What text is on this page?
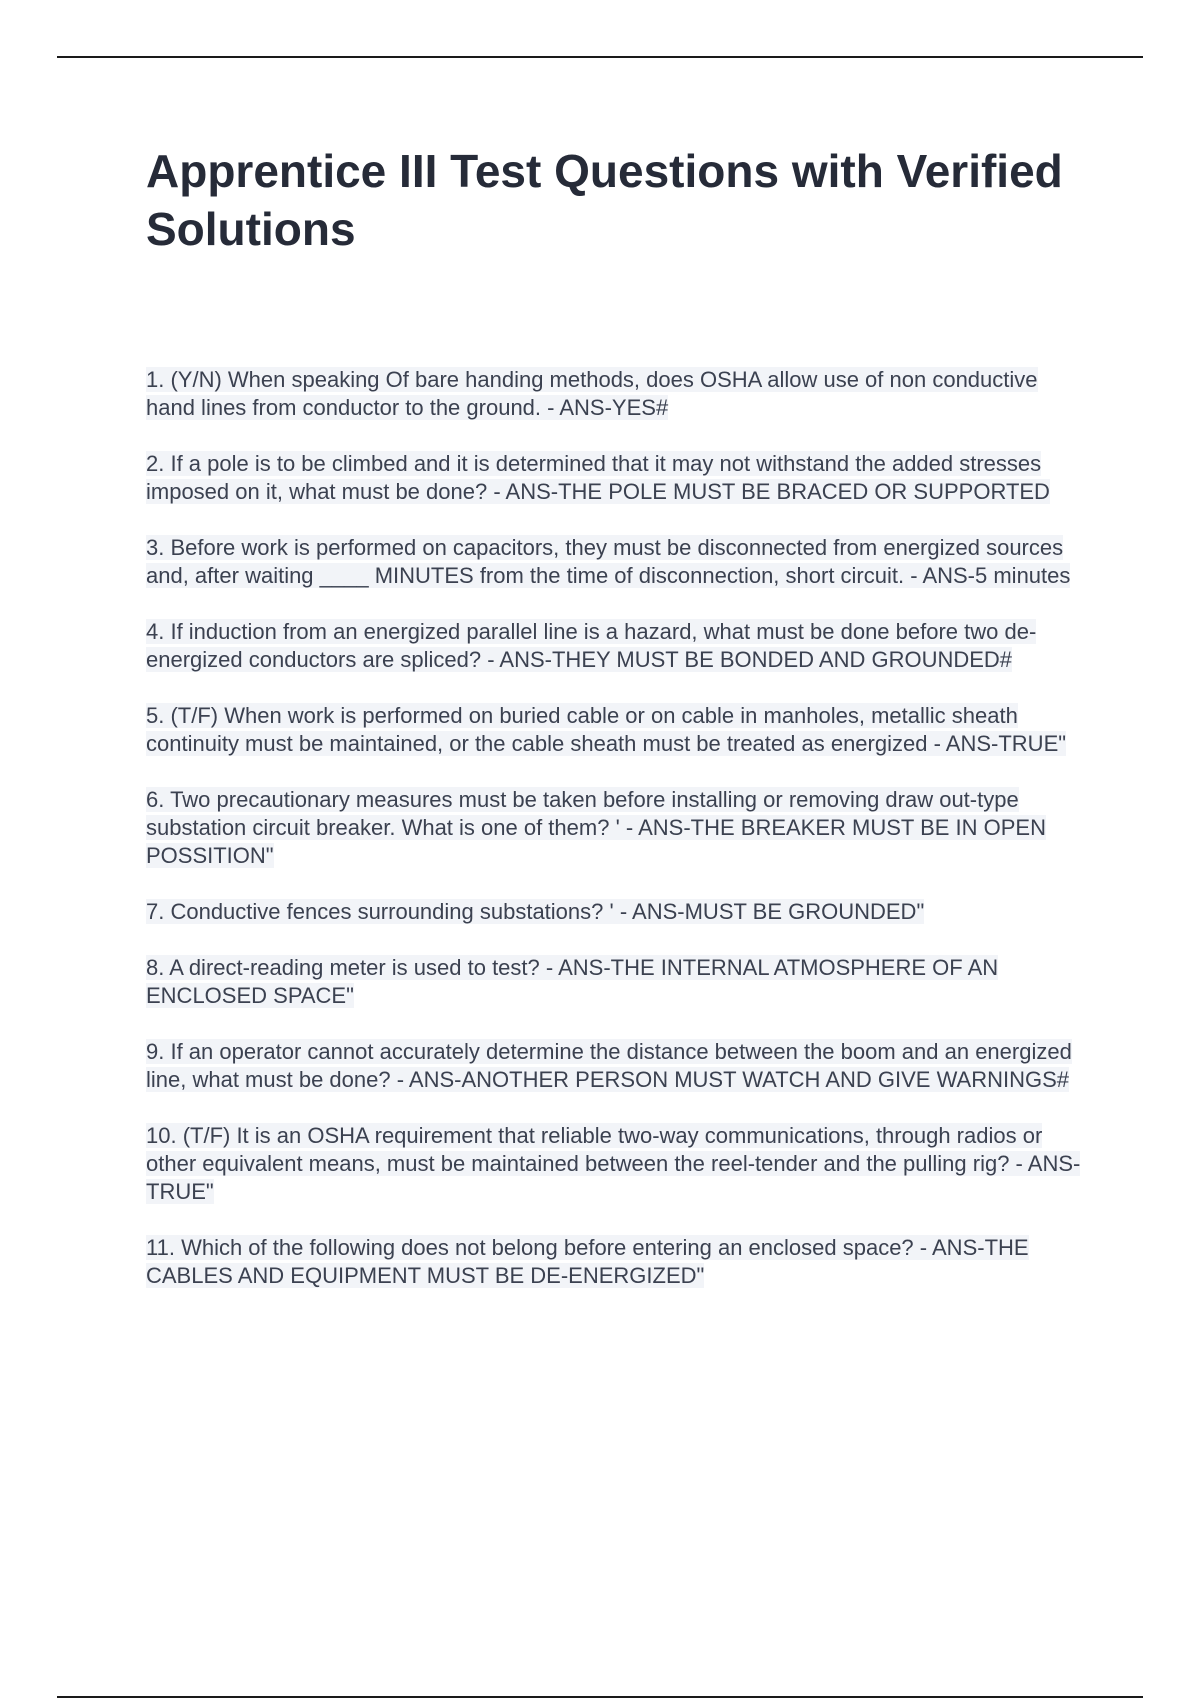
Apprentice III Test Questions with Verified Solutions
1. (Y/N) When speaking Of bare handing methods, does OSHA allow use of non conductive hand lines from conductor to the ground. - ANS-YES#
2. If a pole is to be climbed and it is determined that it may not withstand the added stresses imposed on it, what must be done? - ANS-THE POLE MUST BE BRACED OR SUPPORTED
3. Before work is performed on capacitors, they must be disconnected from energized sources and, after waiting ____ MINUTES from the time of disconnection, short circuit. - ANS-5 minutes
4. If induction from an energized parallel line is a hazard, what must be done before two de-energized conductors are spliced? - ANS-THEY MUST BE BONDED AND GROUNDED#
5. (T/F) When work is performed on buried cable or on cable in manholes, metallic sheath continuity must be maintained, or the cable sheath must be treated as energized - ANS-TRUE"
6. Two precautionary measures must be taken before installing or removing draw out-type substation circuit breaker. What is one of them? ' - ANS-THE BREAKER MUST BE IN OPEN POSSITION"
7. Conductive fences surrounding substations? ' - ANS-MUST BE GROUNDED"
8. A direct-reading meter is used to test? - ANS-THE INTERNAL ATMOSPHERE OF AN ENCLOSED SPACE"
9. If an operator cannot accurately determine the distance between the boom and an energized line, what must be done? - ANS-ANOTHER PERSON MUST WATCH AND GIVE WARNINGS#
10. (T/F) It is an OSHA requirement that reliable two-way communications, through radios or other equivalent means, must be maintained between the reel-tender and the pulling rig? - ANS-TRUE"
11. Which of the following does not belong before entering an enclosed space? - ANS-THE CABLES AND EQUIPMENT MUST BE DE-ENERGIZED"
